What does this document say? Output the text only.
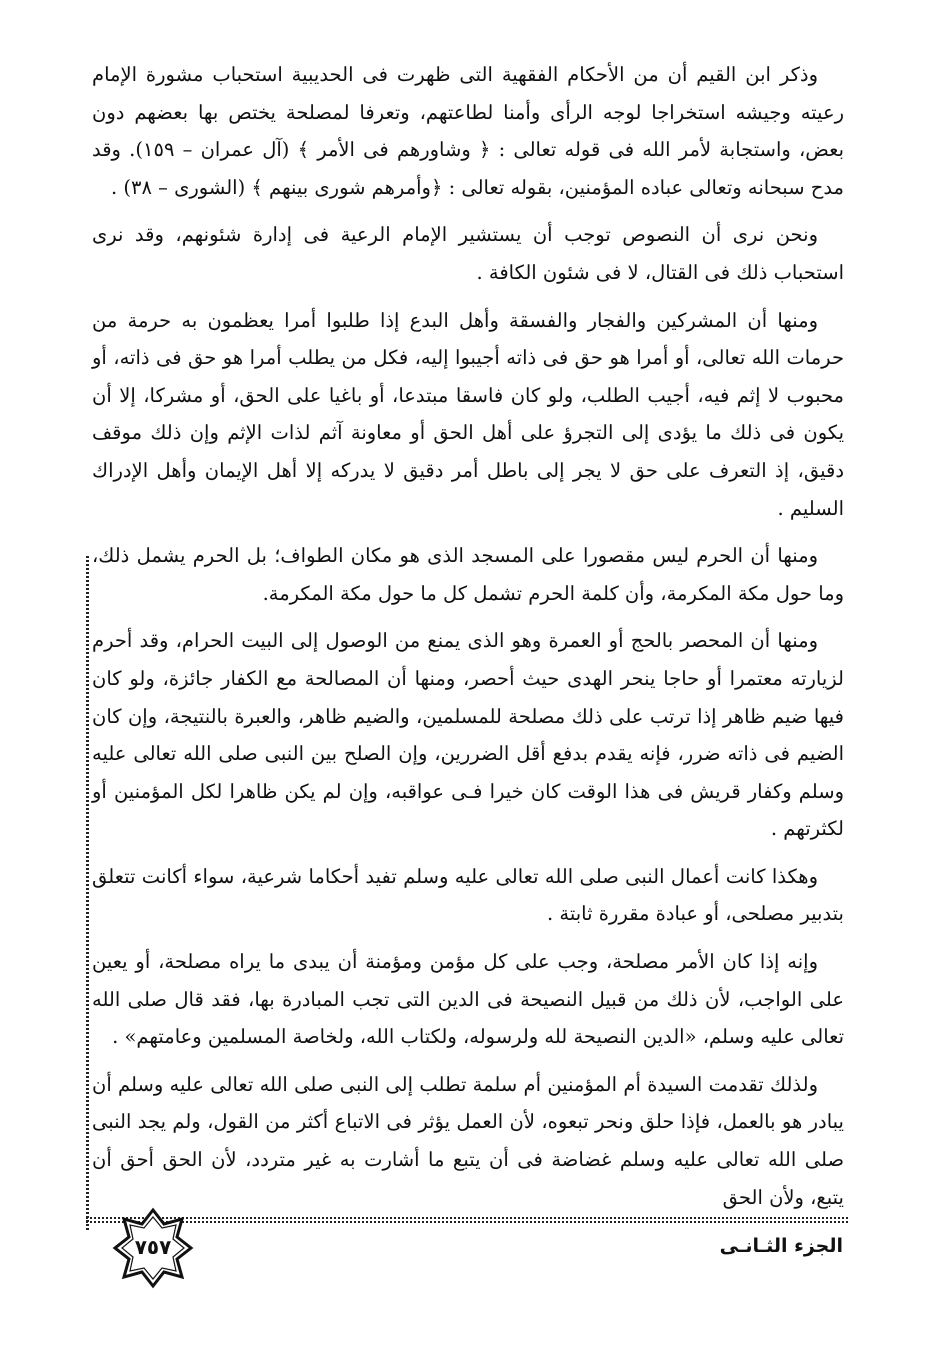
وذكر ابن القيم أن من الأحكام الفقهية التى ظهرت فى الحديبية استحباب مشورة الإمام رعيته وجيشه استخراجا لوجه الرأى وأمنا لطاعتهم، وتعرفا لمصلحة يختص بها بعضهم دون بعض، واستجابة لأمر الله فى قوله تعالى : ﴿ وشاورهم فى الأمر ﴾ (آل عمران – ١٥٩). وقد مدح سبحانه وتعالى عباده المؤمنين، بقوله تعالى : ﴿وأمرهم شورى بينهم ﴾ (الشورى – ٣٨) .

ونحن نرى أن النصوص توجب أن يستشير الإمام الرعية فى إدارة شئونهم، وقد نرى استحباب ذلك فى القتال، لا فى شئون الكافة .

ومنها أن المشركين والفجار والفسقة وأهل البدع إذا طلبوا أمرا يعظمون به حرمة من حرمات الله تعالى، أو أمرا هو حق فى ذاته أجيبوا إليه، فكل من يطلب أمرا هو حق فى ذاته، أو محبوب لا إثم فيه، أجيب الطلب، ولو كان فاسقا مبتدعا، أو باغيا على الحق، أو مشركا، إلا أن يكون فى ذلك ما يؤدى إلى التجرؤ على أهل الحق أو معاونة آثم لذات الإثم وإن ذلك موقف دقيق، إذ التعرف على حق لا يجر إلى باطل أمر دقيق لا يدركه إلا أهل الإيمان وأهل الإدراك السليم .

ومنها أن الحرم ليس مقصورا على المسجد الذى هو مكان الطواف؛ بل الحرم يشمل ذلك، وما حول مكة المكرمة، وأن كلمة الحرم تشمل كل ما حول مكة المكرمة.

ومنها أن المحصر بالحج أو العمرة وهو الذى يمنع من الوصول إلى البيت الحرام، وقد أحرم لزيارته معتمرا أو حاجا ينحر الهدى حيث أحصر، ومنها أن المصالحة مع الكفار جائزة، ولو كان فيها ضيم ظاهر إذا ترتب على ذلك مصلحة للمسلمين، والضيم ظاهر، والعبرة بالنتيجة، وإن كان الضيم فى ذاته ضرر، فإنه يقدم بدفع أقل الضررين، وإن الصلح بين النبى صلى الله تعالى عليه وسلم وكفار قريش فى هذا الوقت كان خيرا فـى عواقبه، وإن لم يكن ظاهرا لكل المؤمنين أو لكثرتهم .

وهكذا كانت أعمال النبى صلى الله تعالى عليه وسلم تفيد أحكاما شرعية، سواء أكانت تتعلق بتدبير مصلحى، أو عبادة مقررة ثابتة .

وإنه إذا كان الأمر مصلحة، وجب على كل مؤمن ومؤمنة أن يبدى ما يراه مصلحة، أو يعين على الواجب، لأن ذلك من قبيل النصيحة فى الدين التى تجب المبادرة بها، فقد قال صلى الله تعالى عليه وسلم، «الدين النصيحة لله ولرسوله، ولكتاب الله، ولخاصة المسلمين وعامتهم» .

ولذلك تقدمت السيدة أم المؤمنين أم سلمة تطلب إلى النبى صلى الله تعالى عليه وسلم أن يبادر هو بالعمل، فإذا حلق ونحر تبعوه، لأن العمل يؤثر فى الاتباع أكثر من القول، ولم يجد النبى صلى الله تعالى عليه وسلم غضاضة فى أن يتبع ما أشارت به غير متردد، لأن الحق أحق أن يتبع، ولأن الحق

الجزء الثـانـى
٧٥٧
